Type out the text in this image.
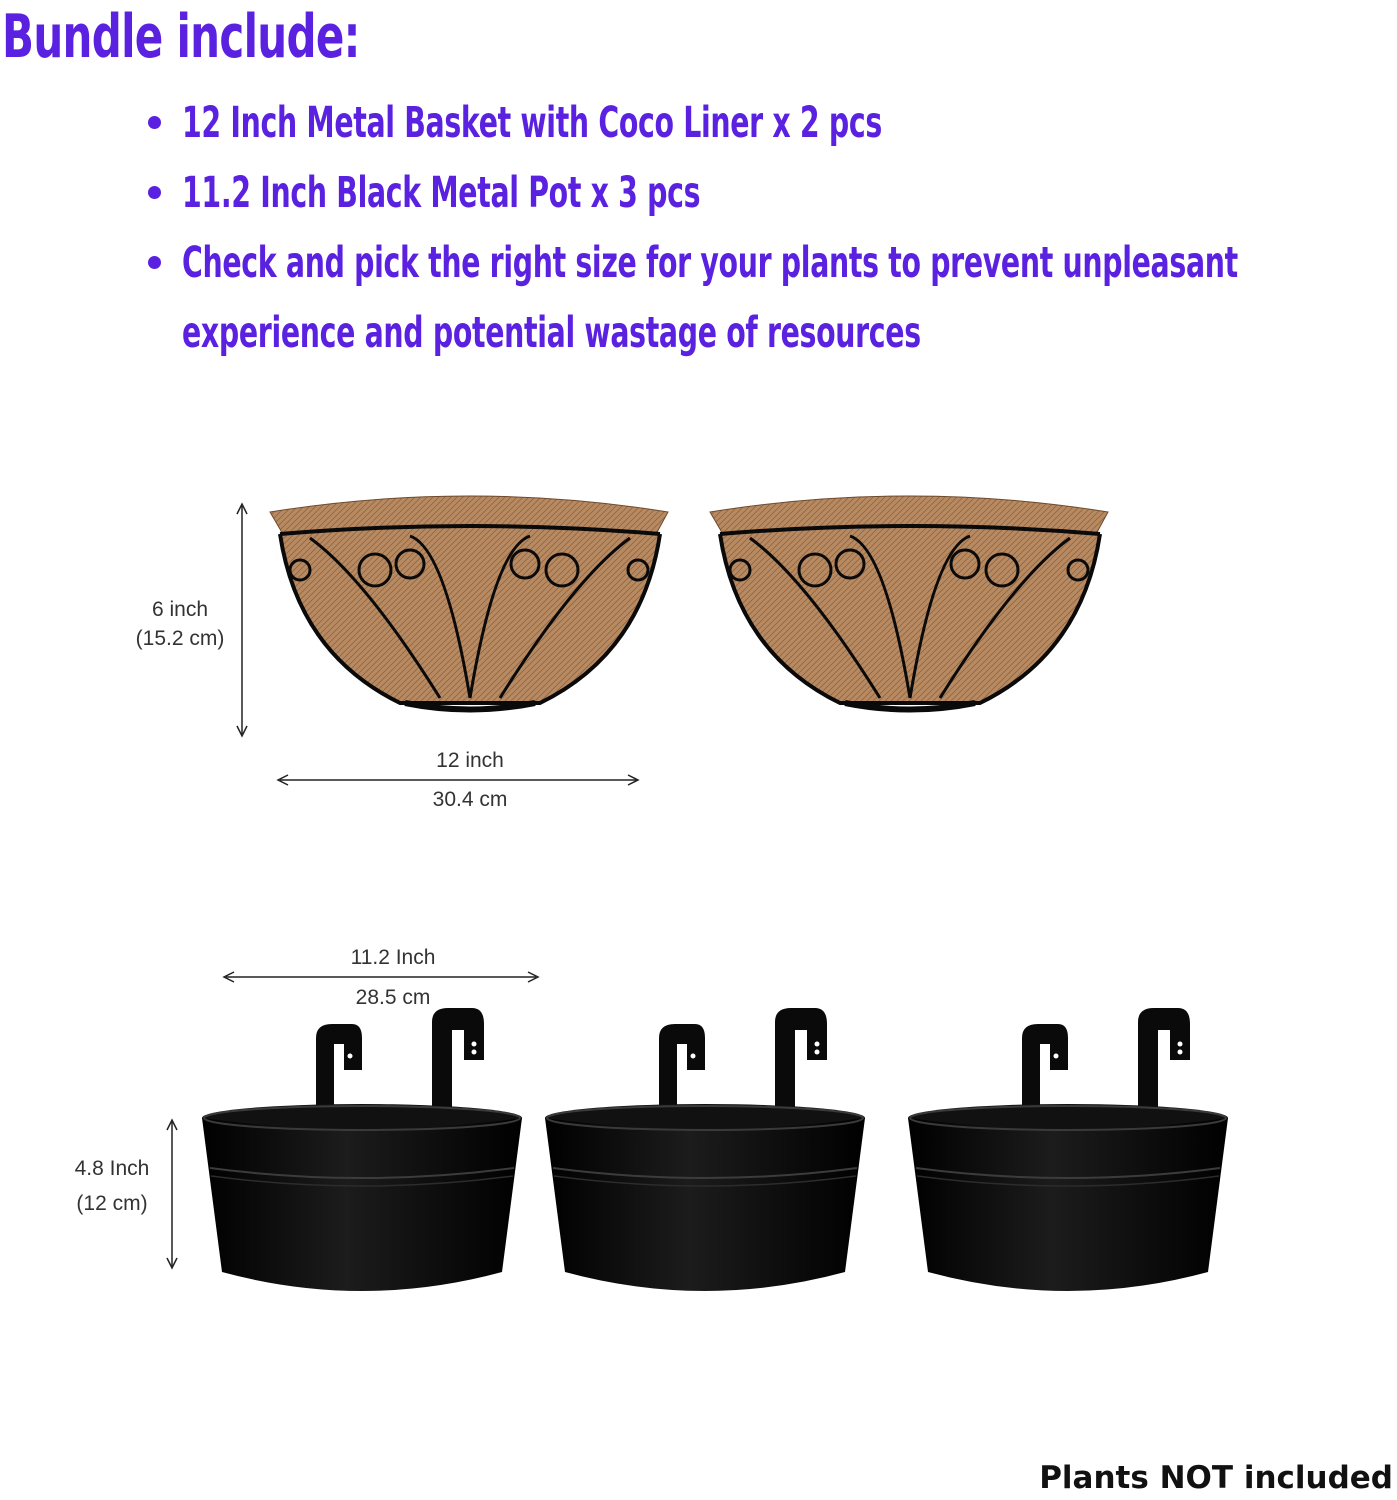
Bundle include:
12 Inch Metal Basket with Coco Liner x 2 pcs
11.2 Inch Black Metal Pot x 3 pcs
Check and pick the right size for your plants to prevent unpleasant
experience and potential wastage of resources
6 inch
(15.2 cm)
12 inch
30.4 cm
11.2 Inch
28.5 cm
4.8 Inch
(12 cm)
Plants NOT included
